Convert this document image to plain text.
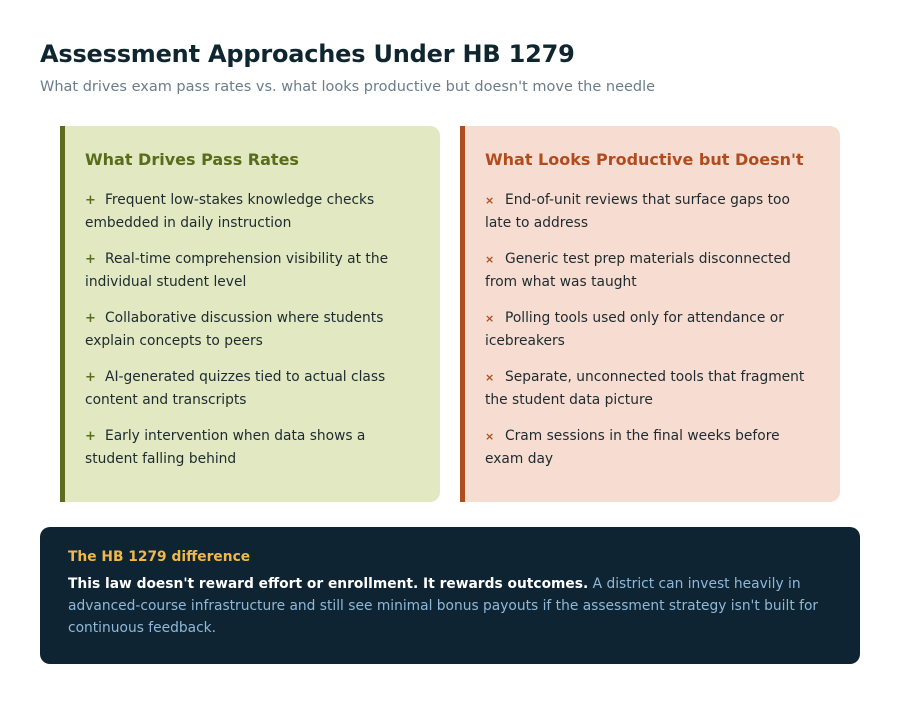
Assessment Approaches Under HB 1279
What drives exam pass rates vs. what looks productive but doesn't move the needle
What Drives Pass Rates
+ Frequent low-stakes knowledge checks embedded in daily instruction
+ Real-time comprehension visibility at the individual student level
+ Collaborative discussion where students explain concepts to peers
+ AI-generated quizzes tied to actual class content and transcripts
+ Early intervention when data shows a student falling behind
What Looks Productive but Doesn't
× End-of-unit reviews that surface gaps too late to address
× Generic test prep materials disconnected from what was taught
× Polling tools used only for attendance or icebreakers
× Separate, unconnected tools that fragment the student data picture
× Cram sessions in the final weeks before exam day
The HB 1279 difference
This law doesn't reward effort or enrollment. It rewards outcomes. A district can invest heavily in advanced-course infrastructure and still see minimal bonus payouts if the assessment strategy isn't built for continuous feedback.
